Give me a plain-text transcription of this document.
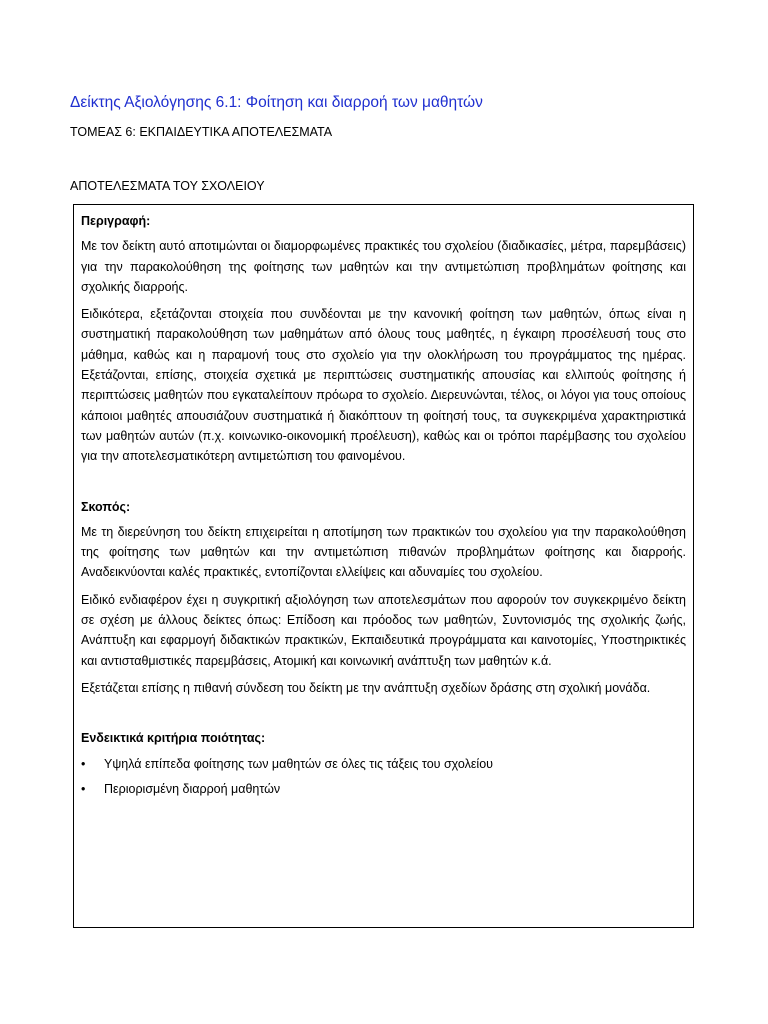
Δείκτης Αξιολόγησης 6.1: Φοίτηση και διαρροή των μαθητών
ΤΟΜΕΑΣ 6: ΕΚΠΑΙΔΕΥΤΙΚΑ ΑΠΟΤΕΛΕΣΜΑΤΑ
ΑΠΟΤΕΛΕΣΜΑΤΑ ΤΟΥ ΣΧΟΛΕΙΟΥ
Περιγραφή:

Με τον δείκτη αυτό αποτιμώνται οι διαμορφωμένες πρακτικές του σχολείου (διαδικασίες, μέτρα, παρεμβάσεις) για την παρακολούθηση της φοίτησης των μαθητών και την αντιμετώπιση προβλημάτων φοίτησης και σχολικής διαρροής.

Ειδικότερα, εξετάζονται στοιχεία που συνδέονται με την κανονική φοίτηση των μαθητών, όπως είναι η συστηματική παρακολούθηση των μαθημάτων από όλους τους μαθητές, η έγκαιρη προσέλευσή τους στο μάθημα, καθώς και η παραμονή τους στο σχολείο για την ολοκλήρωση του προγράμματος της ημέρας. Εξετάζονται, επίσης, στοιχεία σχετικά με περιπτώσεις συστηματικής απουσίας και ελλιπούς φοίτησης ή περιπτώσεις μαθητών που εγκαταλείπουν πρόωρα το σχολείο. Διερευνώνται, τέλος, οι λόγοι για τους οποίους κάποιοι μαθητές απουσιάζουν συστηματικά ή διακόπτουν τη φοίτησή τους, τα συγκεκριμένα χαρακτηριστικά των μαθητών αυτών (π.χ. κοινωνικο-οικονομική προέλευση), καθώς και οι τρόποι παρέμβασης του σχολείου για την αποτελεσματικότερη αντιμετώπιση του φαινομένου.

Σκοπός:

Με τη διερεύνηση του δείκτη επιχειρείται η αποτίμηση των πρακτικών του σχολείου για την παρακολούθηση της φοίτησης των μαθητών και την αντιμετώπιση πιθανών προβλημάτων φοίτησης και διαρροής. Αναδεικνύονται καλές πρακτικές, εντοπίζονται ελλείψεις και αδυναμίες του σχολείου.

Ειδικό ενδιαφέρον έχει η συγκριτική αξιολόγηση των αποτελεσμάτων που αφορούν τον συγκεκριμένο δείκτη σε σχέση με άλλους δείκτες όπως: Επίδοση και πρόοδος των μαθητών, Συντονισμός της σχολικής ζωής, Ανάπτυξη και εφαρμογή διδακτικών πρακτικών, Εκπαιδευτικά προγράμματα και καινοτομίες, Υποστηρικτικές και αντισταθμιστικές παρεμβάσεις, Ατομική και κοινωνική ανάπτυξη των μαθητών κ.ά.

Εξετάζεται επίσης η πιθανή σύνδεση του δείκτη με την ανάπτυξη σχεδίων δράσης στη σχολική μονάδα.

Ενδεικτικά κριτήρια ποιότητας:
• Υψηλά επίπεδα φοίτησης των μαθητών σε όλες τις τάξεις του σχολείου
• Περιορισμένη διαρροή μαθητών
